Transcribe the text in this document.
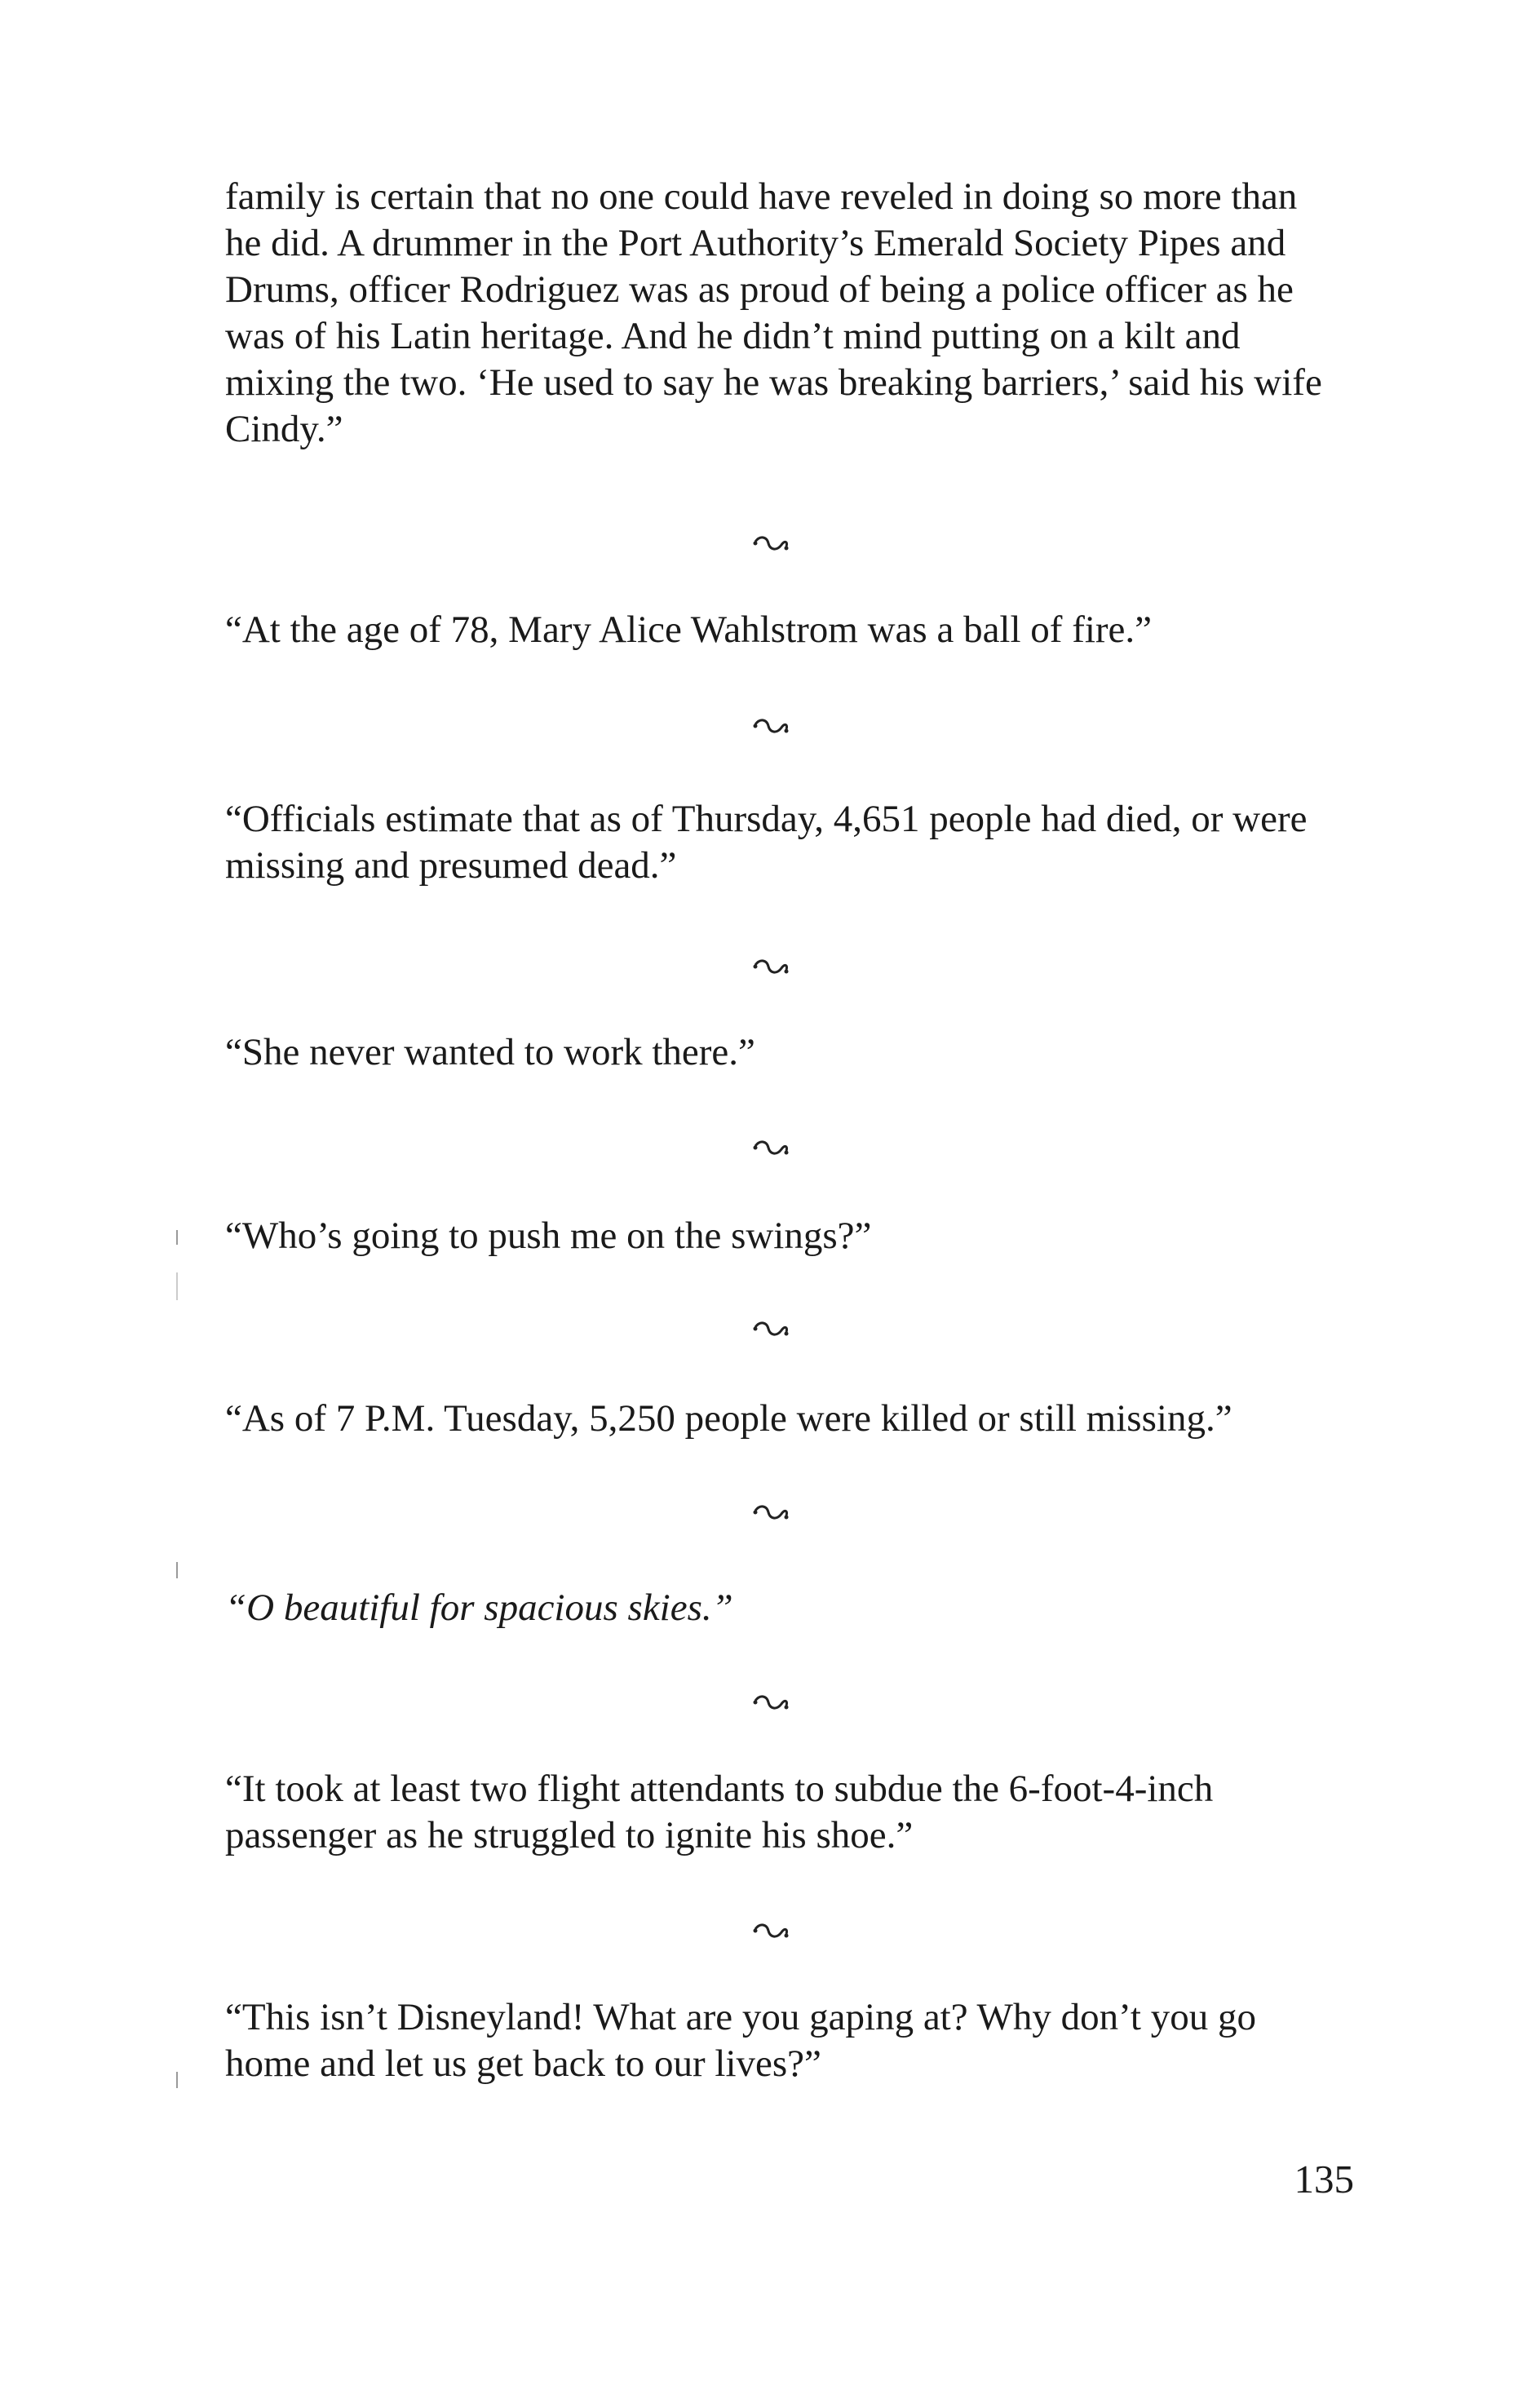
family is certain that no one could have reveled in doing so more than
he did. A drummer in the Port Authority’s Emerald Society Pipes and
Drums, officer Rodriguez was as proud of being a police officer as he
was of his Latin heritage. And he didn’t mind putting on a kilt and
mixing the two. ‘He used to say he was breaking barriers,’ said his wife
Cindy.”

“At the age of 78, Mary Alice Wahlstrom was a ball of fire.”

“Officials estimate that as of Thursday, 4,651 people had died, or were
missing and presumed dead.”

“She never wanted to work there.”

“Who’s going to push me on the swings?”

“As of 7 P.M. Tuesday, 5,250 people were killed or still missing.”

“O beautiful for spacious skies.”

“It took at least two flight attendants to subdue the 6-foot-4-inch
passenger as he struggled to ignite his shoe.”

“This isn’t Disneyland! What are you gaping at? Why don’t you go
home and let us get back to our lives?”

135
